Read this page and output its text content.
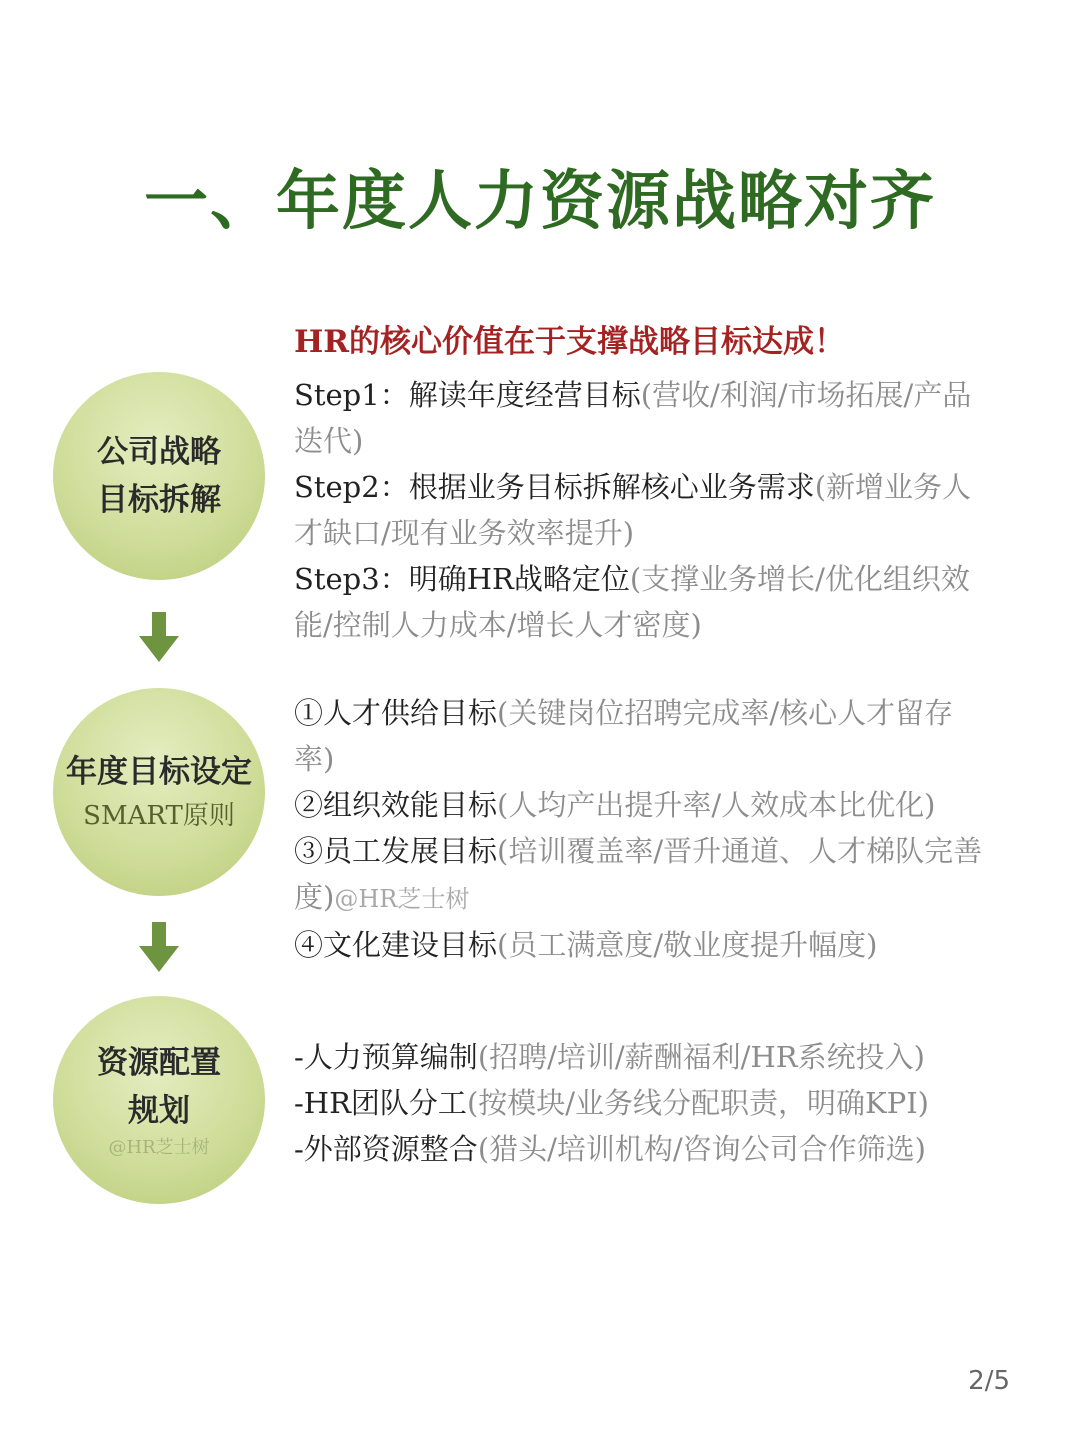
一、年度人力资源战略对齐
HR的核心价值在于支撑战略目标达成！
公司战略
目标拆解

Step1：解读年度经营目标(营收/利润/市场拓展/产品迭代)

Step2：根据业务目标拆解核心业务需求(新增业务人才缺口/现有业务效率提升)

Step3：明确HR战略定位(支撑业务增长/优化组织效能/控制人力成本/增长人才密度)

年度目标设定
SMART原则

①人才供给目标(关键岗位招聘完成率/核心人才留存率)

②组织效能目标(人均产出提升率/人效成本比优化)

③员工发展目标(培训覆盖率/晋升通道、人才梯队完善度)@HR芝士树

④文化建设目标(员工满意度/敬业度提升幅度)

资源配置
规划
@HR芝士树

-人力预算编制(招聘/培训/薪酬福利/HR系统投入)

-HR团队分工(按模块/业务线分配职责，明确KPI)

-外部资源整合(猎头/培训机构/咨询公司合作筛选)

2/5
